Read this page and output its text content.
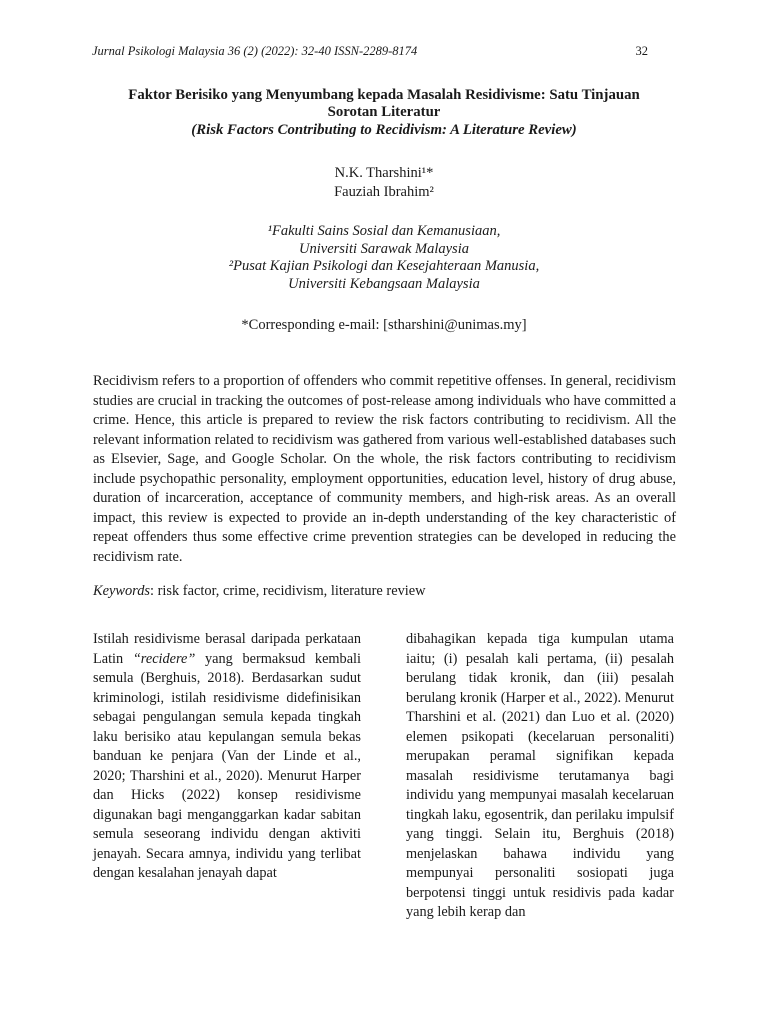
Jurnal Psikologi Malaysia 36 (2) (2022): 32-40 ISSN-2289-8174	32

Faktor Berisiko yang Menyumbang kepada Masalah Residivisme: Satu Tinjauan
Sorotan Literatur

(Risk Factors Contributing to Recidivism: A Literature Review)

N.K. Tharshini¹*
Fauziah Ibrahim²
¹Fakulti Sains Sosial dan Kemanusiaan,
Universiti Sarawak Malaysia
²Pusat Kajian Psikologi dan Kesejahteraan Manusia,
Universiti Kebangsaan Malaysia
*Corresponding e-mail: [stharshini@unimas.my]

Recidivism refers to a proportion of offenders who commit repetitive offenses. In general, recidivism studies are crucial in tracking the outcomes of post-release among individuals who have committed a crime. Hence, this article is prepared to review the risk factors contributing to recidivism. All the relevant information related to recidivism was gathered from various well-established databases such as Elsevier, Sage, and Google Scholar. On the whole, the risk factors contributing to recidivism include psychopathic personality, employment opportunities, education level, history of drug abuse, duration of incarceration, acceptance of community members, and high-risk areas. As an overall impact, this review is expected to provide an in-depth understanding of the key characteristic of repeat offenders thus some effective crime prevention strategies can be developed in reducing the recidivism rate.

Keywords: risk factor, crime, recidivism, literature review

Istilah residivisme berasal daripada perkataan Latin “recidere” yang bermaksud kembali semula (Berghuis, 2018). Berdasarkan sudut kriminologi, istilah residivisme didefinisikan sebagai pengulangan semula kepada tingkah laku berisiko atau kepulangan semula bekas banduan ke penjara (Van der Linde et al., 2020; Tharshini et al., 2020). Menurut Harper dan Hicks (2022) konsep residivisme digunakan bagi menganggarkan kadar sabitan semula seseorang individu dengan aktiviti jenayah. Secara amnya, individu yang terlibat dengan kesalahan jenayah dapat

dibahagikan kepada tiga kumpulan utama iaitu; (i) pesalah kali pertama, (ii) pesalah berulang tidak kronik, dan (iii) pesalah berulang kronik (Harper et al., 2022). Menurut Tharshini et al. (2021) dan Luo et al. (2020) elemen psikopati (kecelaruan personaliti) merupakan peramal signifikan kepada masalah residivisme terutamanya bagi individu yang mempunyai masalah kecelaruan tingkah laku, egosentrik, dan perilaku impulsif yang tinggi. Selain itu, Berghuis (2018) menjelaskan bahawa individu yang mempunyai personaliti sosiopati juga berpotensi tinggi untuk residivis pada kadar yang lebih kerap dan
